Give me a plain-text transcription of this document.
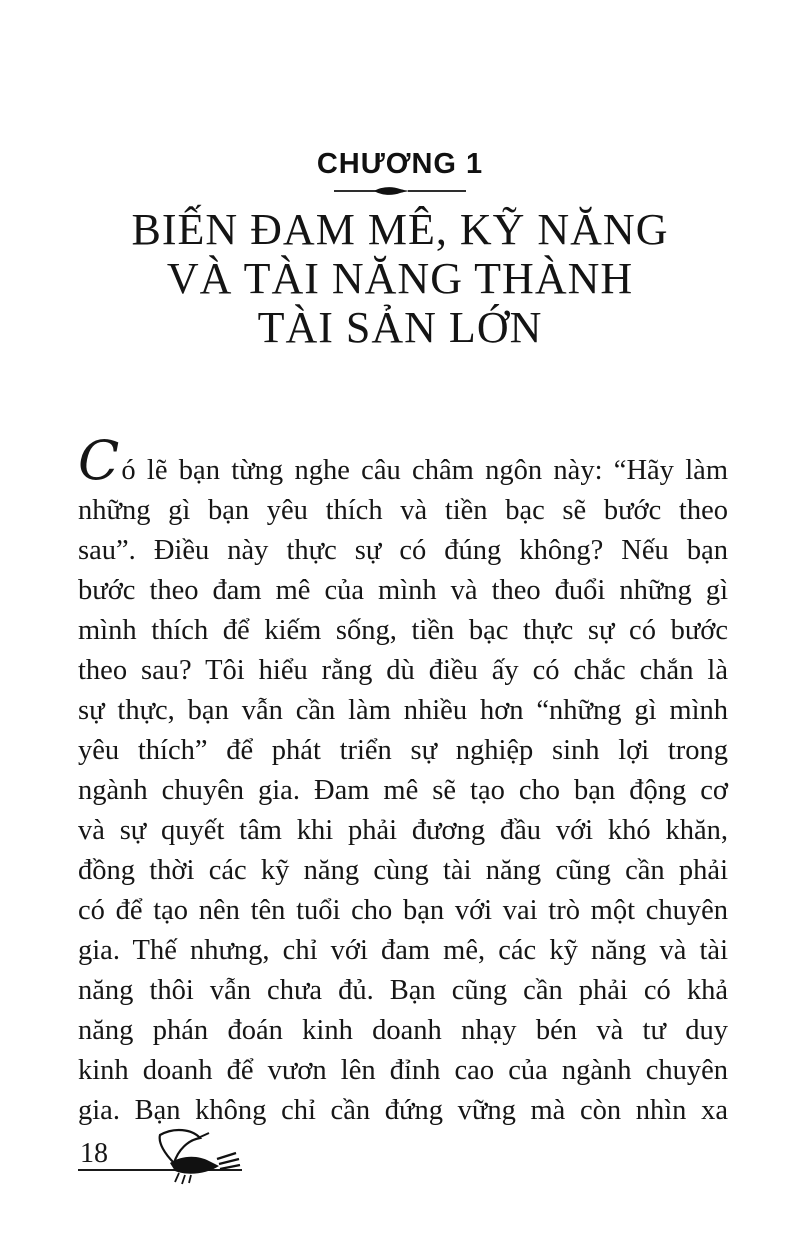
CHƯƠNG 1
BIẾN ĐAM MÊ, KỸ NĂNG
VÀ TÀI NĂNG THÀNH
TÀI SẢN LỚN
Có lẽ bạn từng nghe câu châm ngôn này: “Hãy làm
những gì bạn yêu thích và tiền bạc sẽ bước theo
sau”. Điều này thực sự có đúng không? Nếu bạn
bước theo đam mê của mình và theo đuổi những gì
mình thích để kiếm sống, tiền bạc thực sự có bước
theo sau? Tôi hiểu rằng dù điều ấy có chắc chắn là
sự thực, bạn vẫn cần làm nhiều hơn “những gì mình
yêu thích” để phát triển sự nghiệp sinh lợi trong
ngành chuyên gia. Đam mê sẽ tạo cho bạn động cơ
và sự quyết tâm khi phải đương đầu với khó khăn,
đồng thời các kỹ năng cùng tài năng cũng cần phải
có để tạo nên tên tuổi cho bạn với vai trò một chuyên
gia. Thế nhưng, chỉ với đam mê, các kỹ năng và tài
năng thôi vẫn chưa đủ. Bạn cũng cần phải có khả
năng phán đoán kinh doanh nhạy bén và tư duy
kinh doanh để vươn lên đỉnh cao của ngành chuyên
gia. Bạn không chỉ cần đứng vững mà còn nhìn xa
18
